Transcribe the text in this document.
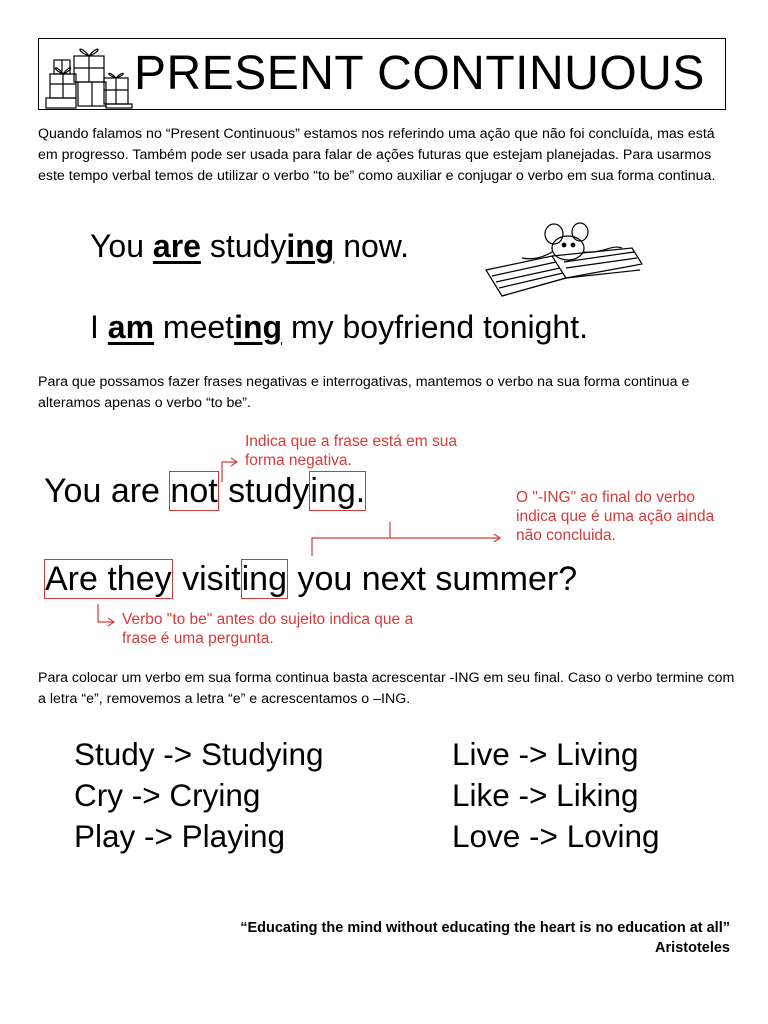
PRESENT CONTINUOUS
Quando falamos no “Present Continuous” estamos nos referindo uma ação que não foi concluída, mas está em progresso. Também pode ser usada para falar de ações futuras que estejam planejadas. Para usarmos este tempo verbal temos de utilizar o verbo “to be” como auxiliar e conjugar o verbo em sua forma continua.
You are studying now.
I am meeting my boyfriend tonight.
Para que possamos fazer frases negativas e interrogativas, mantemos o verbo na sua forma continua e alteramos apenas o verbo “to be”.
You are not studying.
Are they visiting you next summer?
Indica que a frase está em sua forma negativa.
O "-ING" ao final do verbo indica que é uma ação ainda não concluida.
Verbo "to be" antes do sujeito indica que a frase é uma pergunta.
Para colocar um verbo em sua forma continua basta acrescentar -ING em seu final. Caso o verbo termine com a letra “e”, removemos a letra “e” e acrescentamos o –ING.
Study -> Studying
Cry -> Crying
Play -> Playing
Live -> Living
Like -> Liking
Love -> Loving
“Educating the mind without educating the heart is no education at all”
Aristoteles
